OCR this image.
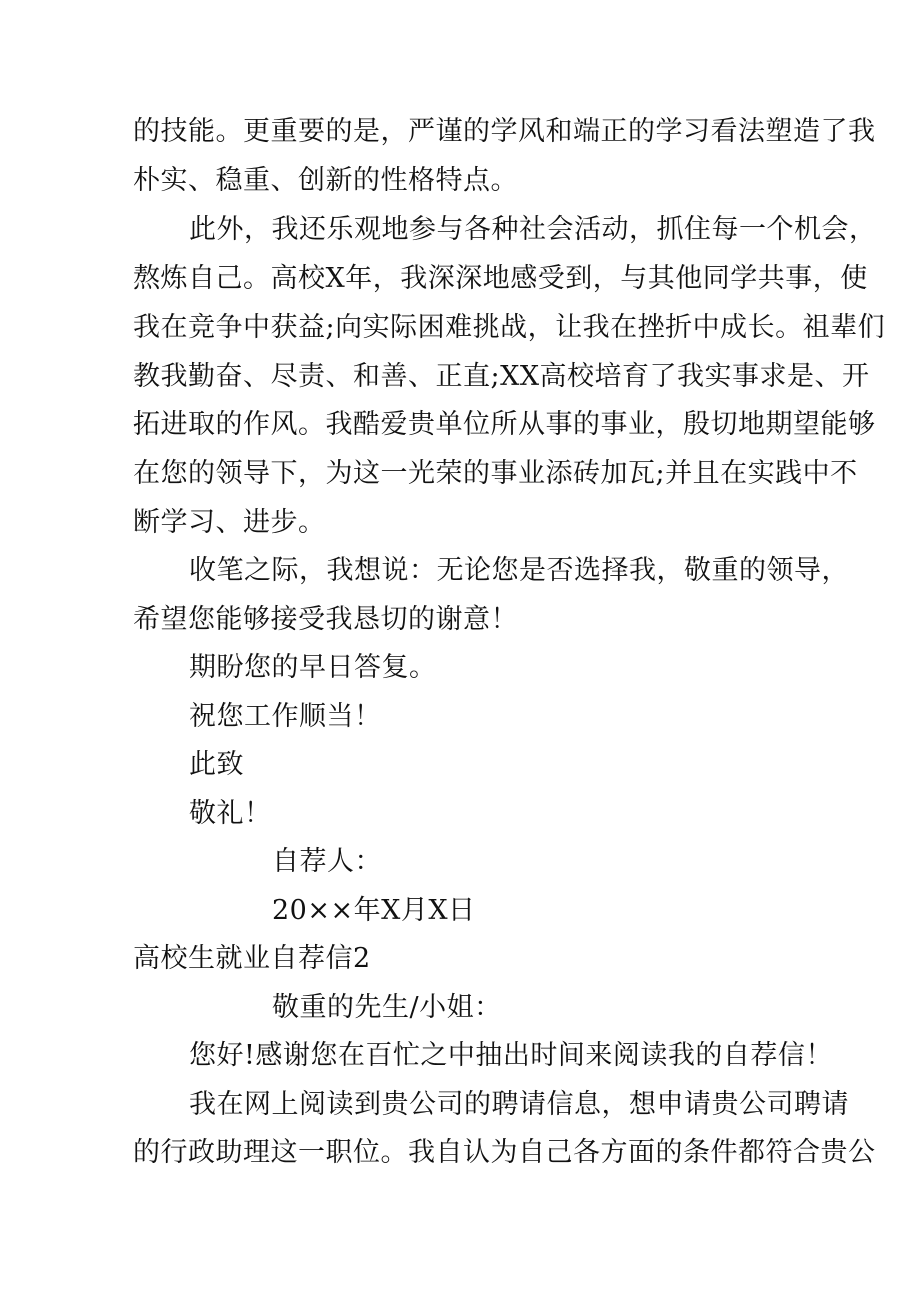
的技能。更重要的是，严谨的学风和端正的学习看法塑造了我
朴实、稳重、创新的性格特点。
此外，我还乐观地参与各种社会活动，抓住每一个机会，
熬炼自己。高校X年，我深深地感受到，与其他同学共事，使
我在竞争中获益;向实际困难挑战，让我在挫折中成长。祖辈们
教我勤奋、尽责、和善、正直;XX高校培育了我实事求是、开
拓进取的作风。我酷爱贵单位所从事的事业，殷切地期望能够
在您的领导下，为这一光荣的事业添砖加瓦;并且在实践中不
断学习、进步。
收笔之际，我想说：无论您是否选择我，敬重的领导，
希望您能够接受我恳切的谢意！
期盼您的早日答复。
祝您工作顺当！
此致
敬礼！
自荐人：
20××年X月X日
高校生就业自荐信2
敬重的先生/小姐：
您好!感谢您在百忙之中抽出时间来阅读我的自荐信！
我在网上阅读到贵公司的聘请信息，想申请贵公司聘请
的行政助理这一职位。我自认为自己各方面的条件都符合贵公
